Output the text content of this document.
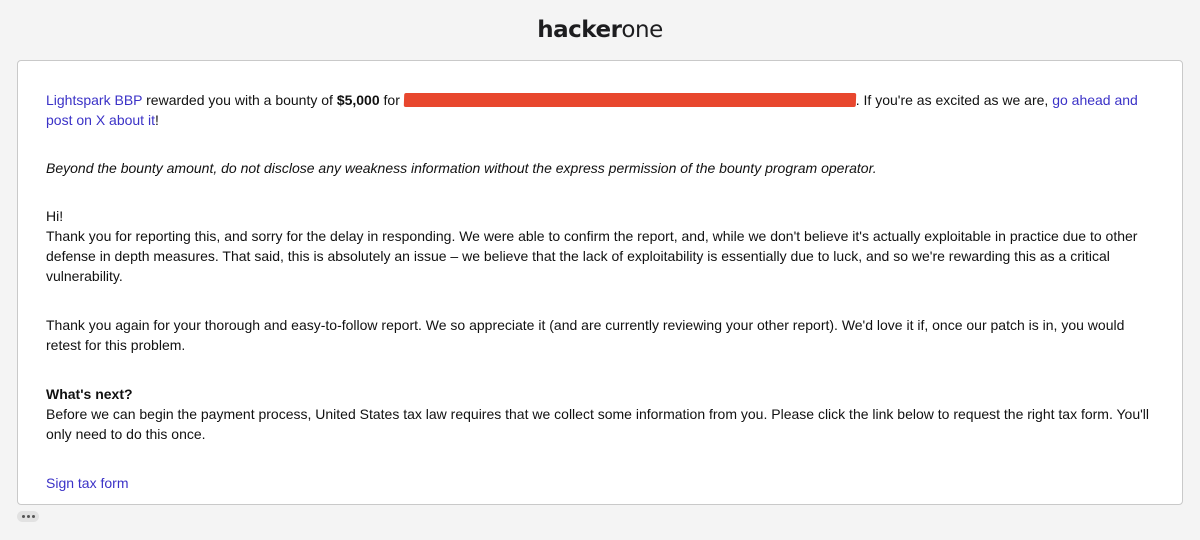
hacker one

Lightspark BBP rewarded you with a bounty of $5,000 for	. If you're as excited as we are, go ahead and post on X about it!

Beyond the bounty amount, do not disclose any weakness information without the express permission of the bounty program operator.

Hi!
Thank you for reporting this, and sorry for the delay in responding. We were able to confirm the report, and, while we don't believe it's actually exploitable in practice due to other defense in depth measures. That said, this is absolutely an issue – we believe that the lack of exploitability is essentially due to luck, and so we're rewarding this as a critical vulnerability.

Thank you again for your thorough and easy-to-follow report. We so appreciate it (and are currently reviewing your other report). We'd love it if, once our patch is in, you would retest for this problem.

What's next?
Before we can begin the payment process, United States tax law requires that we collect some information from you. Please click the link below to request the right tax form. You'll only need to do this once.

Sign tax form
